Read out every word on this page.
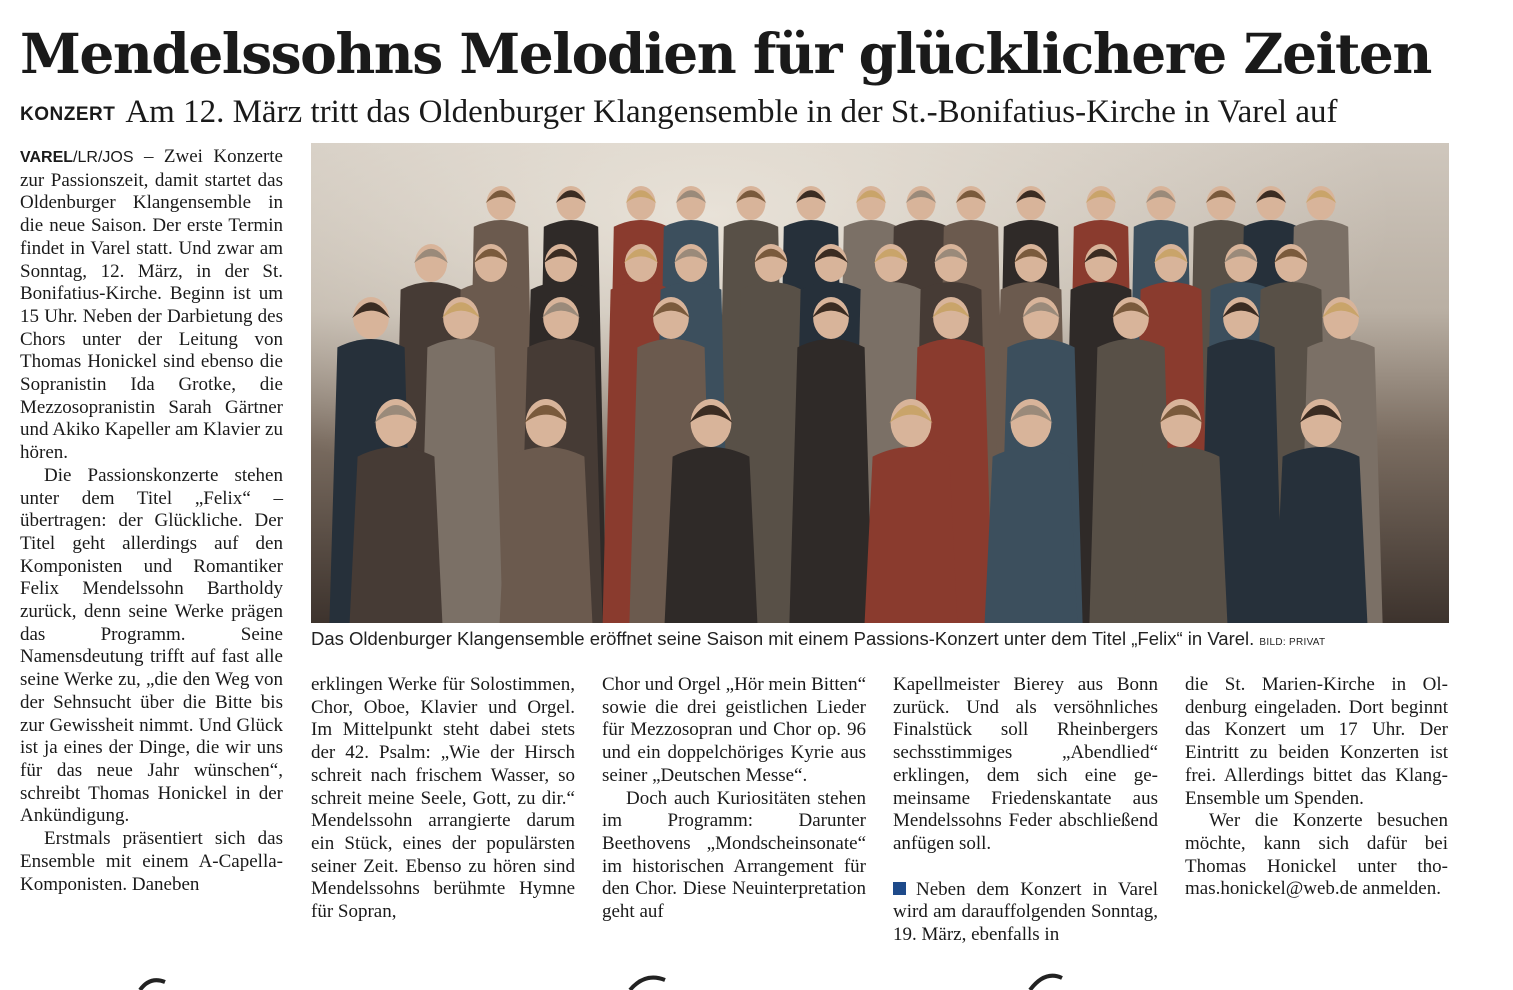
Mendelssohns Melodien für glücklichere Zeiten
KONZERT Am 12. März tritt das Oldenburger Klangensemble in der St.-Bonifatius-Kirche in Varel auf

VAREL/LR/JOS – Zwei Konzerte zur Passionszeit, damit startet das Oldenburger Klangensemble in die neue Saison. Der erste Termin findet in Varel statt. Und zwar am Sonntag, 12. März, in der St. Bonifatius-Kirche. Beginn ist um 15 Uhr. Neben der Darbietung des Chors unter der Leitung von Thomas Honickel sind ebenso die Sopranistin Ida Grotke, die Mezzosopranistin Sarah Gärtner und Akiko Kapeller am Klavier zu hören.

Die Passionskonzerte stehen unter dem Titel „Felix“ – übertragen: der Glückliche. Der Titel geht allerdings auf den Komponisten und Romantiker Felix Mendelssohn Bartholdy zurück, denn seine Werke prägen das Programm. Seine Namensdeutung trifft auf fast alle seine Werke zu, „die den Weg von der Sehnsucht über die Bitte bis zur Gewissheit nimmt. Und Glück ist ja eines der Dinge, die wir uns für das neue Jahr wünschen“, schreibt Thomas Honickel in der Ankündigung.

Erstmals präsentiert sich das Ensemble mit einem A-Capella-Komponisten. Daneben

Das Oldenburger Klangensemble eröffnet seine Saison mit einem Passions-Konzert unter dem Titel „Felix“ in Varel. BILD: PRIVAT

erklingen Werke für Solostimmen, Chor, Oboe, Klavier und Orgel. Im Mittelpunkt steht dabei stets der 42. Psalm: „Wie der Hirsch schreit nach frischem Wasser, so schreit meine Seele, Gott, zu dir.“ Mendelssohn arrangierte darum ein Stück, eines der populärsten seiner Zeit. Ebenso zu hören sind Mendelssohns berühmte Hymne für Sopran,

Chor und Orgel „Hör mein Bitten“ sowie die drei geistlichen Lieder für Mezzosopran und Chor op. 96 und ein doppelchöriges Kyrie aus seiner „Deutschen Messe“.

Doch auch Kuriositäten stehen im Programm: Darunter Beethovens „Mondscheinsonate“ im historischen Arrangement für den Chor. Diese Neuinterpretation geht auf

Kapellmeister Bierey aus Bonn zurück. Und als versöhnliches Finalstück soll Rheinbergers sechsstimmiges „Abendlied“ erklingen, dem sich eine gemeinsame Friedenskantate aus Mendelssohns Feder abschließend anfügen soll.

Neben dem Konzert in Varel wird am darauffolgenden Sonntag, 19. März, ebenfalls in

die St. Marien-Kirche in Oldenburg eingeladen. Dort beginnt das Konzert um 17 Uhr. Der Eintritt zu beiden Konzerten ist frei. Allerdings bittet das Klang-Ensemble um Spenden.

Wer die Konzerte besuchen möchte, kann sich dafür bei Thomas Honickel unter thomas.honickel@web.de anmelden.
